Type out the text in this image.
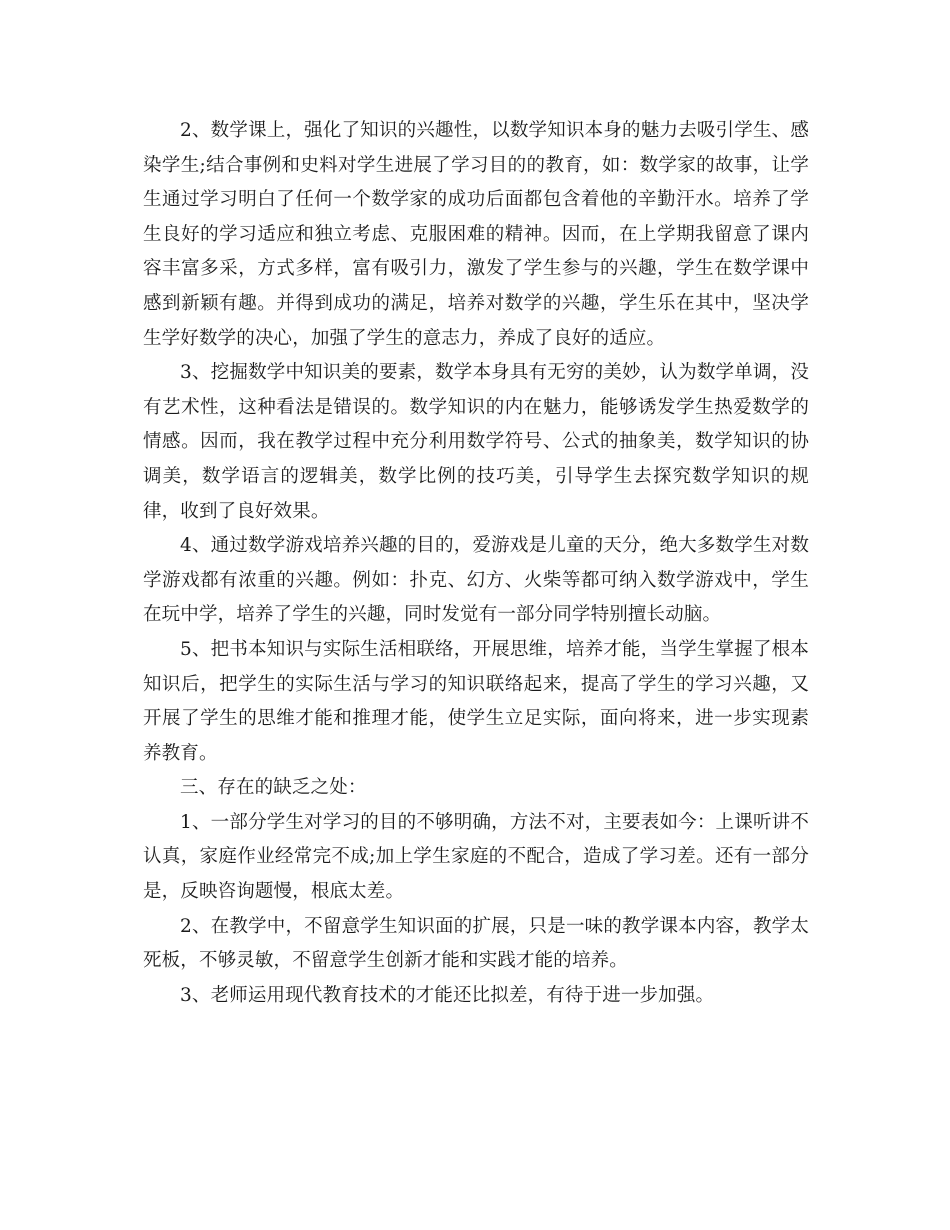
2、数学课上，强化了知识的兴趣性，以数学知识本身的魅力去吸引学生、感染学生;结合事例和史料对学生进展了学习目的的教育，如：数学家的故事，让学生通过学习明白了任何一个数学家的成功后面都包含着他的辛勤汗水。培养了学生良好的学习适应和独立考虑、克服困难的精神。因而，在上学期我留意了课内容丰富多采，方式多样，富有吸引力，激发了学生参与的兴趣，学生在数学课中感到新颖有趣。并得到成功的满足，培养对数学的兴趣，学生乐在其中，坚决学生学好数学的决心，加强了学生的意志力，养成了良好的适应。

3、挖掘数学中知识美的要素，数学本身具有无穷的美妙，认为数学单调，没有艺术性，这种看法是错误的。数学知识的内在魅力，能够诱发学生热爱数学的情感。因而，我在教学过程中充分利用数学符号、公式的抽象美，数学知识的协调美，数学语言的逻辑美，数学比例的技巧美，引导学生去探究数学知识的规律，收到了良好效果。

4、通过数学游戏培养兴趣的目的，爱游戏是儿童的天分，绝大多数学生对数学游戏都有浓重的兴趣。例如：扑克、幻方、火柴等都可纳入数学游戏中，学生在玩中学，培养了学生的兴趣，同时发觉有一部分同学特别擅长动脑。

5、把书本知识与实际生活相联络，开展思维，培养才能，当学生掌握了根本知识后，把学生的实际生活与学习的知识联络起来，提高了学生的学习兴趣，又开展了学生的思维才能和推理才能，使学生立足实际，面向将来，进一步实现素养教育。

三、存在的缺乏之处：

1、一部分学生对学习的目的不够明确，方法不对，主要表如今：上课听讲不认真，家庭作业经常完不成;加上学生家庭的不配合，造成了学习差。还有一部分是，反映咨询题慢，根底太差。

2、在教学中，不留意学生知识面的扩展，只是一味的教学课本内容，教学太死板，不够灵敏，不留意学生创新才能和实践才能的培养。

3、老师运用现代教育技术的才能还比拟差，有待于进一步加强。
